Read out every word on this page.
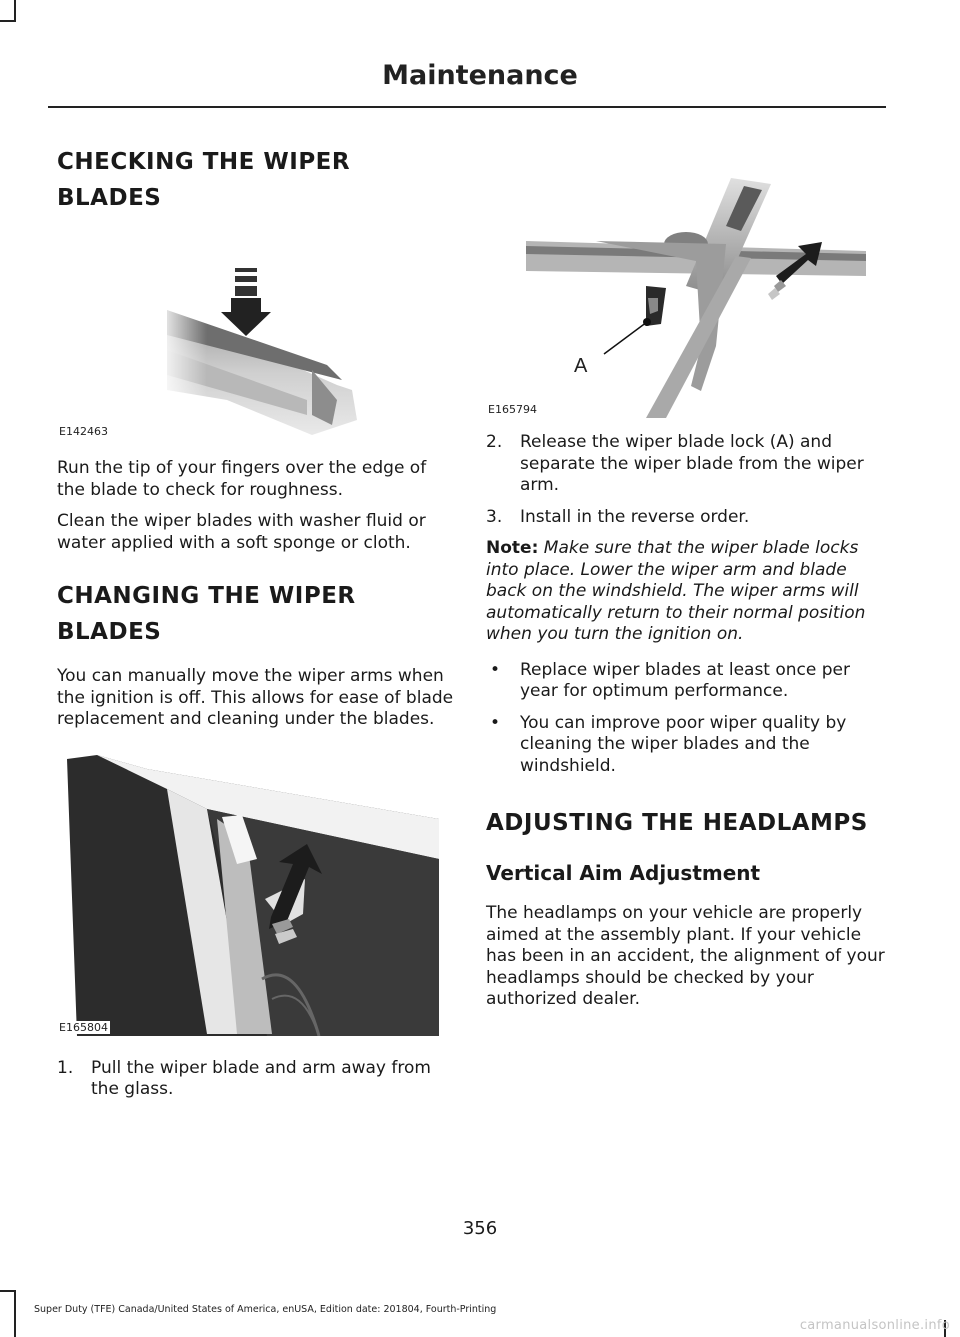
Maintenance
CHECKING THE WIPER
BLADES
E142463

Run the tip of your fingers over the edge of the blade to check for roughness.

Clean the wiper blades with washer fluid or water applied with a soft sponge or cloth.

CHANGING THE WIPER
BLADES

You can manually move the wiper arms when the ignition is off. This allows for ease of blade replacement and cleaning under the blades.

E165804
1. Pull the wiper blade and arm away from the glass.
A
E165794
2. Release the wiper blade lock (A) and separate the wiper blade from the wiper arm.
3. Install in the reverse order.

Note: Make sure that the wiper blade locks into place. Lower the wiper arm and blade back on the windshield. The wiper arms will automatically return to their normal position when you turn the ignition on.

• Replace wiper blades at least once per year for optimum performance.
• You can improve poor wiper quality by cleaning the wiper blades and the windshield.
ADJUSTING THE HEADLAMPS
Vertical Aim Adjustment

The headlamps on your vehicle are properly aimed at the assembly plant. If your vehicle has been in an accident, the alignment of your headlamps should be checked by your authorized dealer.

356
Super Duty (TFE) Canada/United States of America, enUSA, Edition date: 201804, Fourth-Printing
carmanualsonline.info
